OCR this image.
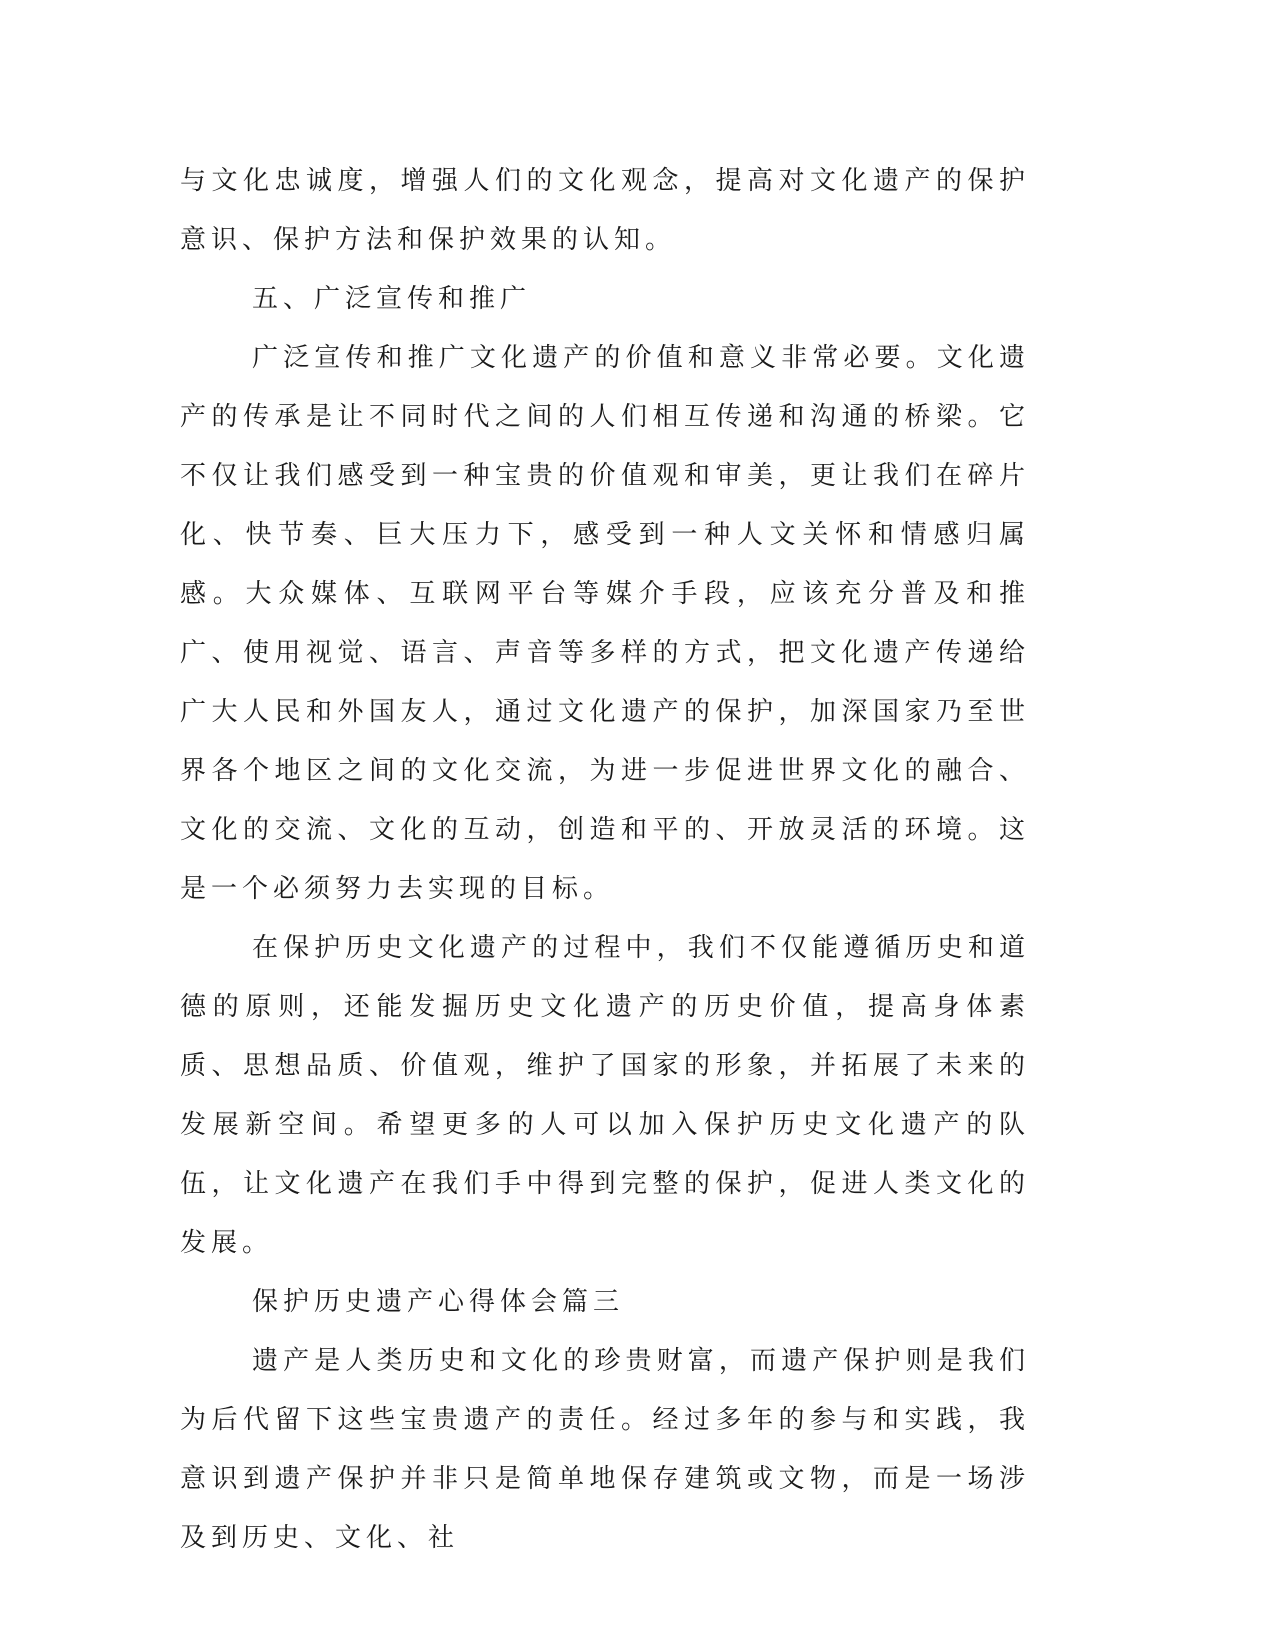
与文化忠诚度，增强人们的文化观念，提高对文化遗产的保护意识、保护方法和保护效果的认知。

五、广泛宣传和推广

广泛宣传和推广文化遗产的价值和意义非常必要。文化遗产的传承是让不同时代之间的人们相互传递和沟通的桥梁。它不仅让我们感受到一种宝贵的价值观和审美，更让我们在碎片化、快节奏、巨大压力下，感受到一种人文关怀和情感归属感。大众媒体、互联网平台等媒介手段，应该充分普及和推广、使用视觉、语言、声音等多样的方式，把文化遗产传递给广大人民和外国友人，通过文化遗产的保护，加深国家乃至世界各个地区之间的文化交流，为进一步促进世界文化的融合、文化的交流、文化的互动，创造和平的、开放灵活的环境。这是一个必须努力去实现的目标。

在保护历史文化遗产的过程中，我们不仅能遵循历史和道德的原则，还能发掘历史文化遗产的历史价值，提高身体素质、思想品质、价值观，维护了国家的形象，并拓展了未来的发展新空间。希望更多的人可以加入保护历史文化遗产的队伍，让文化遗产在我们手中得到完整的保护，促进人类文化的发展。

保护历史遗产心得体会篇三

遗产是人类历史和文化的珍贵财富，而遗产保护则是我们为后代留下这些宝贵遗产的责任。经过多年的参与和实践，我意识到遗产保护并非只是简单地保存建筑或文物，而是一场涉及到历史、文化、社
